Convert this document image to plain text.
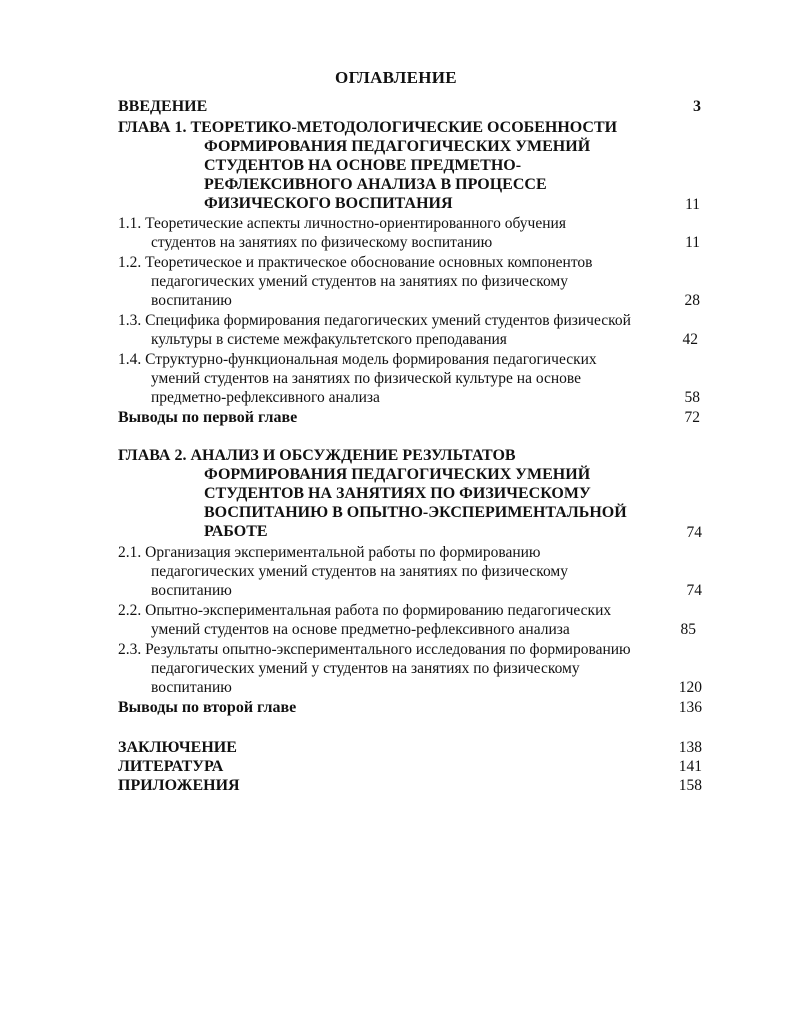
ОГЛАВЛЕНИЕ
ВВЕДЕНИЕ	3
ГЛАВА 1. ТЕОРЕТИКО-МЕТОДОЛОГИЧЕСКИЕ ОСОБЕННОСТИ
ФОРМИРОВАНИЯ ПЕДАГОГИЧЕСКИХ УМЕНИЙ
СТУДЕНТОВ НА ОСНОВЕ ПРЕДМЕТНО-
РЕФЛЕКСИВНОГО АНАЛИЗА В ПРОЦЕССЕ
ФИЗИЧЕСКОГО ВОСПИТАНИЯ	11
1.1. Теоретические аспекты личностно-ориентированного обучения
студентов на занятиях по физическому воспитанию	11
1.2. Теоретическое и практическое обоснование основных компонентов
педагогических умений студентов на занятиях по физическому
воспитанию	28
1.3. Специфика формирования педагогических умений студентов физической
культуры в системе межфакультетского преподавания	42
1.4. Структурно-функциональная модель формирования педагогических
умений студентов на занятиях по физической культуре на основе
предметно-рефлексивного анализа	58
Выводы по первой главе	72
ГЛАВА 2. АНАЛИЗ И ОБСУЖДЕНИЕ РЕЗУЛЬТАТОВ
ФОРМИРОВАНИЯ ПЕДАГОГИЧЕСКИХ УМЕНИЙ
СТУДЕНТОВ НА ЗАНЯТИЯХ ПО ФИЗИЧЕСКОМУ
ВОСПИТАНИЮ В ОПЫТНО-ЭКСПЕРИМЕНТАЛЬНОЙ
РАБОТЕ	74
2.1. Организация экспериментальной работы по формированию
педагогических умений студентов на занятиях по физическому
воспитанию	74
2.2. Опытно-экспериментальная работа по формированию педагогических
умений студентов на основе предметно-рефлексивного анализа	85
2.3. Результаты опытно-экспериментального исследования по формированию
педагогических умений у студентов на занятиях по физическому
воспитанию	120
Выводы по второй главе	136
ЗАКЛЮЧЕНИЕ	138
ЛИТЕРАТУРА	141
ПРИЛОЖЕНИЯ	158
